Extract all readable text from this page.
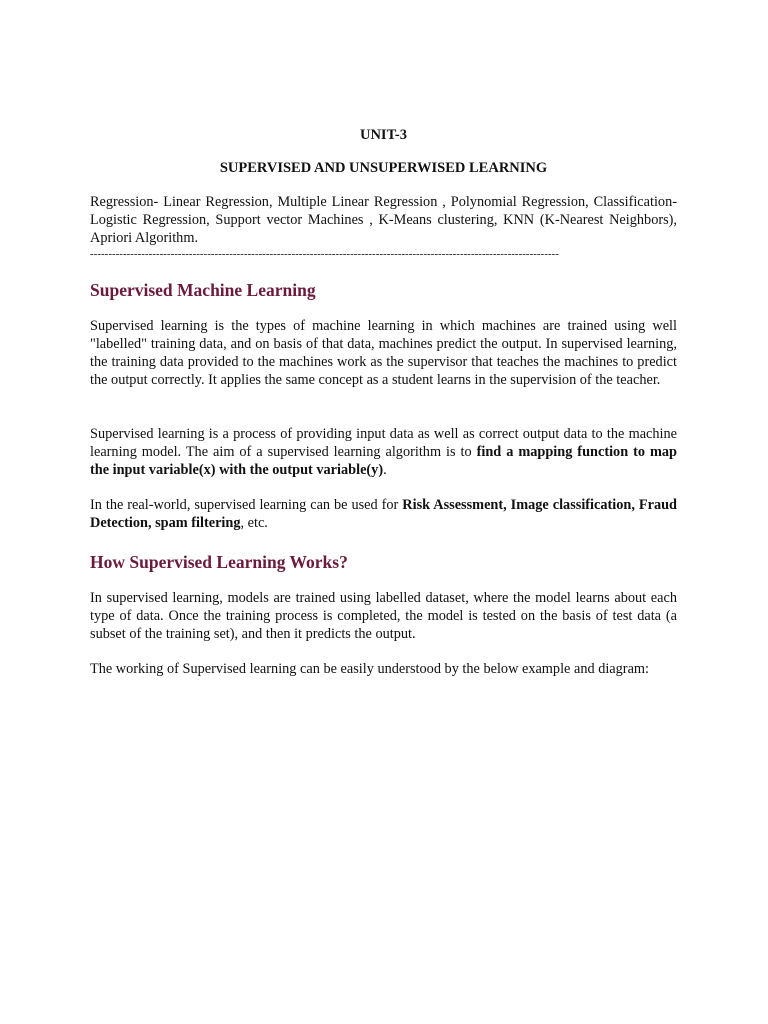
UNIT-3
SUPERVISED AND UNSUPERWISED LEARNING

Regression- Linear Regression, Multiple Linear Regression , Polynomial Regression, Classification- Logistic Regression, Support vector Machines , K-Means clustering, KNN (K-Nearest Neighbors), Apriori Algorithm.

--------------------------------------------------------------------------------------------------------------------------------
Supervised Machine Learning

Supervised learning is the types of machine learning in which machines are trained using well "labelled" training data, and on basis of that data, machines predict the output. In supervised learning, the training data provided to the machines work as the supervisor that teaches the machines to predict the output correctly. It applies the same concept as a student learns in the supervision of the teacher.

Supervised learning is a process of providing input data as well as correct output data to the machine learning model. The aim of a supervised learning algorithm is to find a mapping function to map the input variable(x) with the output variable(y).

In the real-world, supervised learning can be used for Risk Assessment, Image classification, Fraud Detection, spam filtering, etc.

How Supervised Learning Works?

In supervised learning, models are trained using labelled dataset, where the model learns about each type of data. Once the training process is completed, the model is tested on the basis of test data (a subset of the training set), and then it predicts the output.

The working of Supervised learning can be easily understood by the below example and diagram:
